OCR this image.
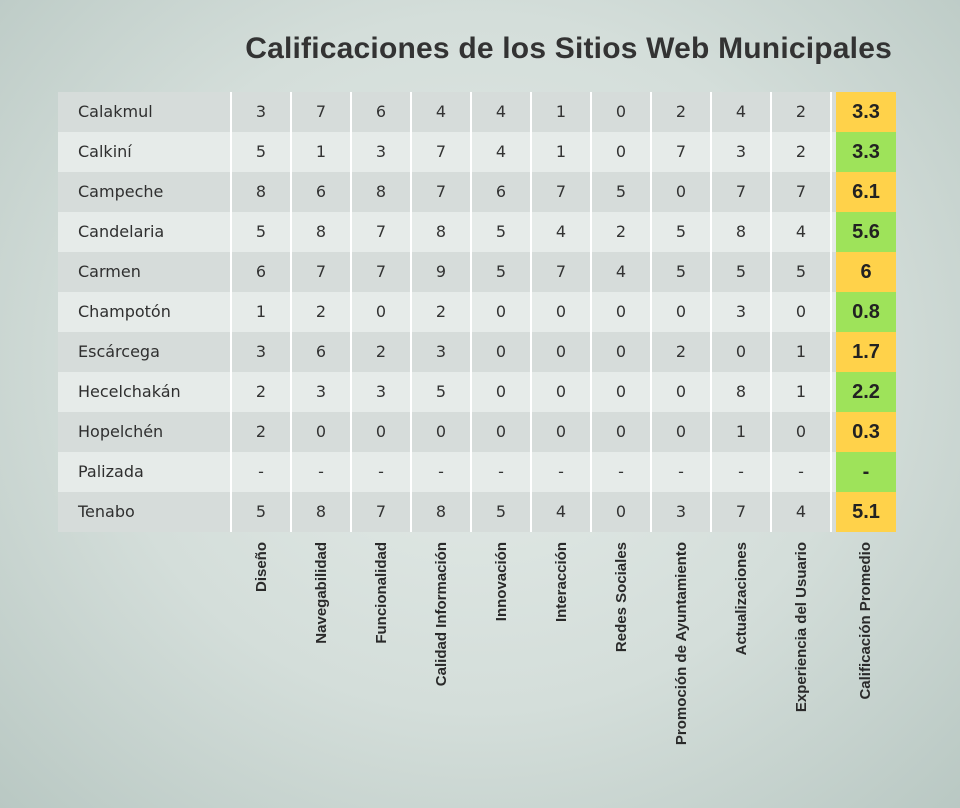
Calificaciones de los Sitios Web Municipales
Calakmul	3	7	6	4	4	1	0	2	4	2	3.3
Calkiní	5	1	3	7	4	1	0	7	3	2	3.3
Campeche	8	6	8	7	6	7	5	0	7	7	6.1
Candelaria	5	8	7	8	5	4	2	5	8	4	5.6
Carmen	6	7	7	9	5	7	4	5	5	5	6
Champotón	1	2	0	2	0	0	0	0	3	0	0.8
Escárcega	3	6	2	3	0	0	0	2	0	1	1.7
Hecelchakán	2	3	3	5	0	0	0	0	8	1	2.2
Hopelchén	2	0	0	0	0	0	0	0	1	0	0.3
Palizada	-	-	-	-	-	-	-	-	-	-	-
Tenabo	5	8	7	8	5	4	0	3	7	4	5.1
Diseño	Navegabilidad	Funcionalidad	Calidad Información	Innovación	Interacción	Redes Sociales	Promoción de Ayuntamiento	Actualizaciones	Experiencia del Usuario	Calificación Promedio
